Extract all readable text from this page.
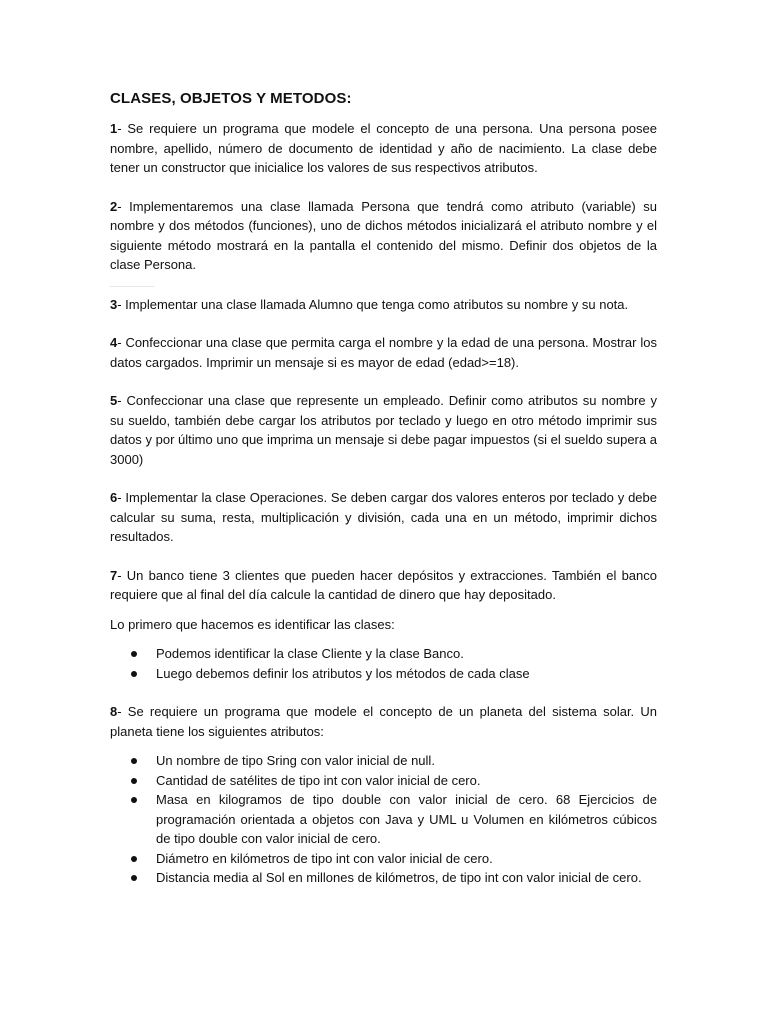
CLASES, OBJETOS Y METODOS:

1- Se requiere un programa que modele el concepto de una persona. Una persona posee nombre, apellido, número de documento de identidad y año de nacimiento. La clase debe tener un constructor que inicialice los valores de sus respectivos atributos.

2- Implementaremos una clase llamada Persona que tendrá como atributo (variable) su nombre y dos métodos (funciones), uno de dichos métodos inicializará el atributo nombre y el siguiente método mostrará en la pantalla el contenido del mismo. Definir dos objetos de la clase Persona.

3- Implementar una clase llamada Alumno que tenga como atributos su nombre y su nota.

4- Confeccionar una clase que permita carga el nombre y la edad de una persona. Mostrar los datos cargados. Imprimir un mensaje si es mayor de edad (edad>=18).

5- Confeccionar una clase que represente un empleado. Definir como atributos su nombre y su sueldo, también debe cargar los atributos por teclado y luego en otro método imprimir sus datos y por último uno que imprima un mensaje si debe pagar impuestos (si el sueldo supera a 3000)

6- Implementar la clase Operaciones. Se deben cargar dos valores enteros por teclado y debe calcular su suma, resta, multiplicación y división, cada una en un método, imprimir dichos resultados.

7- Un banco tiene 3 clientes que pueden hacer depósitos y extracciones. También el banco requiere que al final del día calcule la cantidad de dinero que hay depositado.

Lo primero que hacemos es identificar las clases:

Podemos identificar la clase Cliente y la clase Banco.
Luego debemos definir los atributos y los métodos de cada clase

8- Se requiere un programa que modele el concepto de un planeta del sistema solar. Un planeta tiene los siguientes atributos:

Un nombre de tipo Sring con valor inicial de null.
Cantidad de satélites de tipo int con valor inicial de cero.
Masa en kilogramos de tipo double con valor inicial de cero. 68 Ejercicios de programación orientada a objetos con Java y UML u Volumen en kilómetros cúbicos de tipo double con valor inicial de cero.
Diámetro en kilómetros de tipo int con valor inicial de cero.
Distancia media al Sol en millones de kilómetros, de tipo int con valor inicial de cero.
